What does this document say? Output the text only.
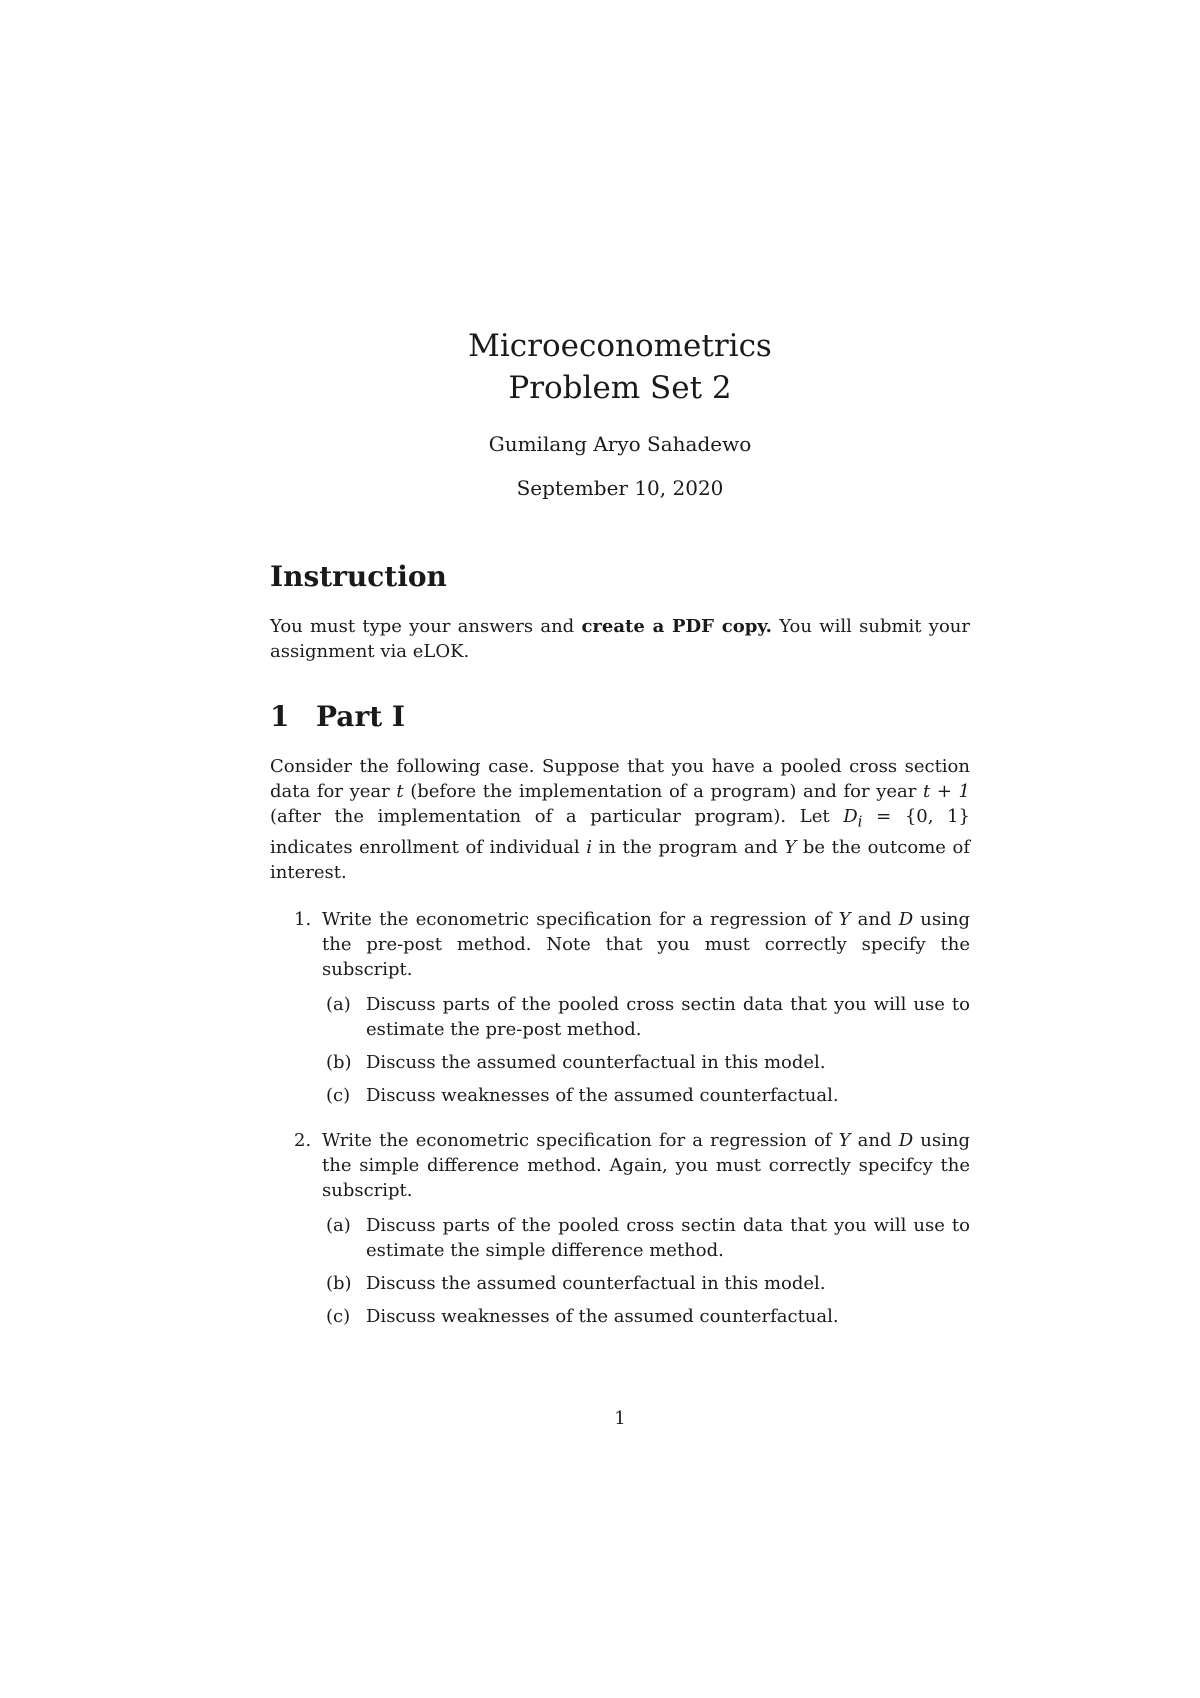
Microeconometrics
Problem Set 2
Gumilang Aryo Sahadewo
September 10, 2020
Instruction

You must type your answers and create a PDF copy. You will submit your assignment via eLOK.

1 Part I

Consider the following case. Suppose that you have a pooled cross section data for year t (before the implementation of a program) and for year t + 1 (after the implementation of a particular program). Let $D_i = \{0$, 1} indicates enrollment of individual i in the program and Y be the outcome of interest.

1. Write the econometric specification for a regression of Y and D using the pre-post method. Note that you must correctly specify the subscript.

(a) Discuss parts of the pooled cross sectin data that you will use to estimate the pre-post method.
(b) Discuss the assumed counterfactual in this model.
(c) Discuss weaknesses of the assumed counterfactual.
2. Write the econometric specification for a regression of Y and D using the simple difference method. Again, you must correctly specifcy the subscript.

(a) Discuss parts of the pooled cross sectin data that you will use to estimate the simple difference method.
(b) Discuss the assumed counterfactual in this model.
(c) Discuss weaknesses of the assumed counterfactual.
1
